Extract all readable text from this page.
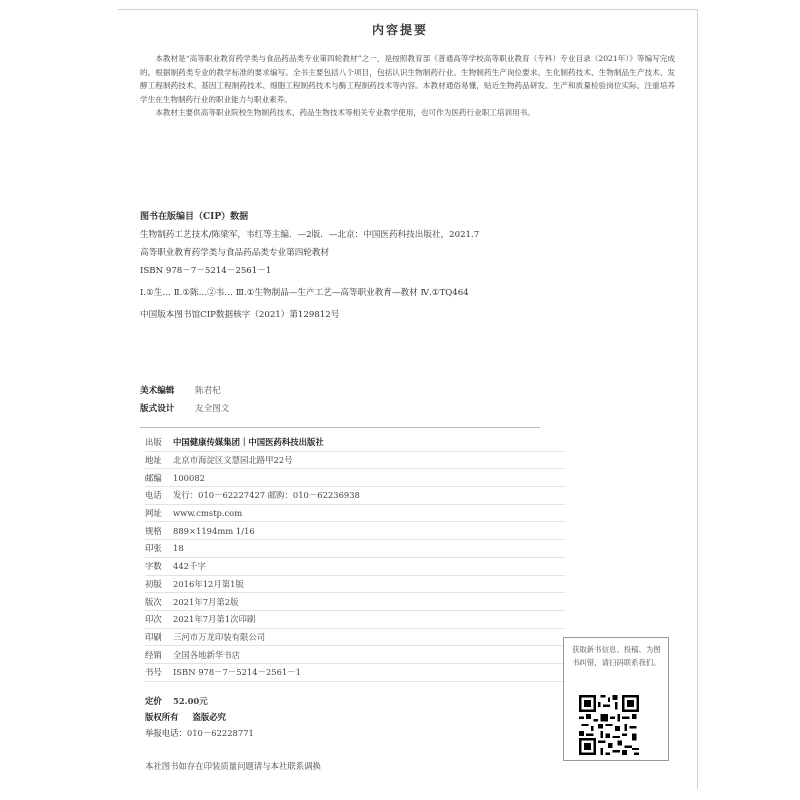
内容提要

本教材是“高等职业教育药学类与食品药品类专业第四轮教材”之一，是按照教育部《普通高等学校高等职业教育（专科）专业目录（2021年）》等编写完成的。根据制药类专业的教学标准的要求编写。全书主要包括八个项目，包括认识生物制药行业、生物制药生产岗位要求、生化制药技术、生物制品生产技术、发酵工程制药技术、基因工程制药技术、细胞工程制药技术与酶工程制药技术等内容。本教材通俗易懂，贴近生物药品研发、生产和质量检验岗位实际，注重培养学生在生物制药行业的职业能力与职业素养。

本教材主要供高等职业院校生物制药技术、药品生物技术等相关专业教学使用，也可作为医药行业职工培训用书。

图书在版编目（CIP）数据
生物制药工艺技术/陈梁军，韦红等主编．—2版．—北京：中国医药科技出版社，2021.7
高等职业教育药学类与食品药品类专业第四轮教材
ISBN 978－7－5214－2561－1
Ⅰ.①生… Ⅱ.①陈…②韦… Ⅲ.①生物制品—生产工艺—高等职业教育—教材 Ⅳ.①TQ464
中国版本图书馆CIP数据核字（2021）第129812号
美术编辑	陈君杞
版式设计	友全图文
出版	中国健康传媒集团｜中国医药科技出版社
地址	北京市海淀区文慧园北路甲22号
邮编	100082
电话	发行：010－62227427 邮购：010－62236938
网址	www.cmstp.com
规格	889×1194mm 1/16
印张	18
字数	442千字
初版	2016年12月第1版
版次	2021年7月第2版
印次	2021年7月第1次印刷
印刷	三河市万龙印装有限公司
经销	全国各地新华书店
书号	ISBN 978－7－5214－2561－1
定价	52.00元
版权所有 盗版必究
举报电话： 010－62228771
本社图书如存在印装质量问题请与本社联系调换
获取新书信息、投稿、为图书纠错，请扫码联系我们。
